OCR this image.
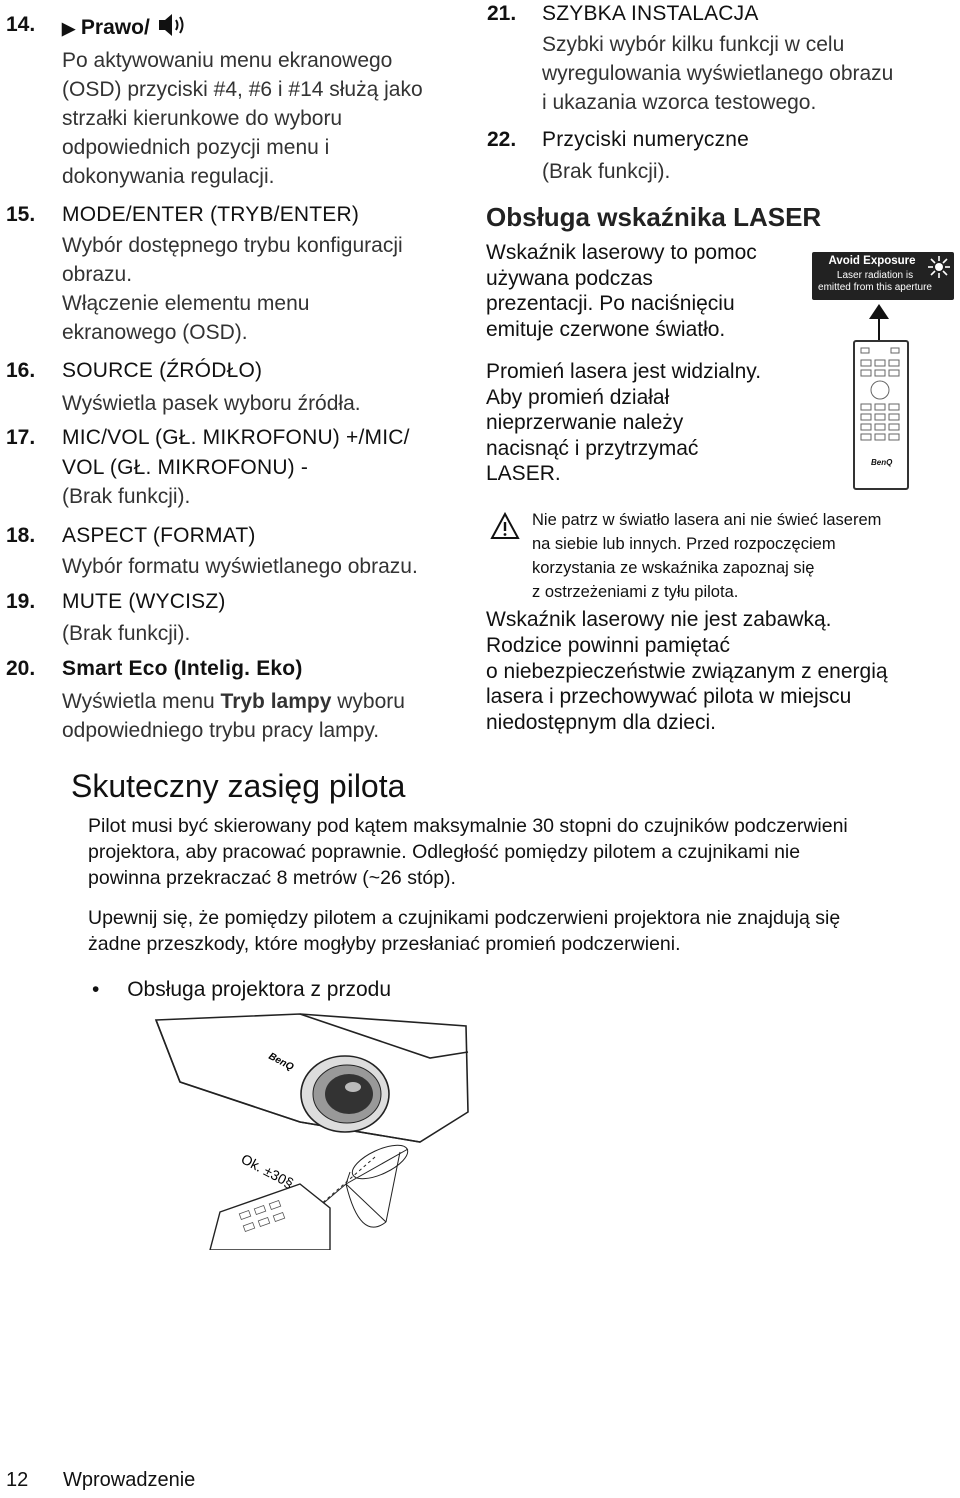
14. ▶ Prawo/
Po aktywowaniu menu ekranowego
(OSD) przyciski #4, #6 i #14 służą jako
strzałki kierunkowe do wyboru
odpowiednich pozycji menu i
dokonywania regulacji.
15. MODE/ENTER (TRYB/ENTER)
Wybór dostępnego trybu konfiguracji
obrazu.
Włączenie elementu menu
ekranowego (OSD).
16. SOURCE (ŹRÓDŁO)
Wyświetla pasek wyboru źródła.
17. MIC/VOL (GŁ. MIKROFONU) +/MIC/
VOL (GŁ. MIKROFONU) -
(Brak funkcji).
18. ASPECT (FORMAT)
Wybór formatu wyświetlanego obrazu.
19. MUTE (WYCISZ)
(Brak funkcji).
20. Smart Eco (Intelig. Eko)
Wyświetla menu Tryb lampy wyboru
odpowiedniego trybu pracy lampy.
21. SZYBKA INSTALACJA
Szybki wybór kilku funkcji w celu
wyregulowania wyświetlanego obrazu
i ukazania wzorca testowego.
22. Przyciski numeryczne
(Brak funkcji).
Obsługa wskaźnika LASER
Wskaźnik laserowy to pomoc
używana podczas
prezentacji. Po naciśnięciu
emituje czerwone światło.
Promień lasera jest widzialny.
Aby promień działał
nieprzerwanie należy
nacisnąć i przytrzymać
LASER.
Avoid Exposure
Laser radiation is
emitted from this aperture
BenQ
Nie patrz w światło lasera ani nie świeć laserem
na siebie lub innych. Przed rozpoczęciem
korzystania ze wskaźnika zapoznaj się
z ostrzeżeniami z tyłu pilota.
Wskaźnik laserowy nie jest zabawką.
Rodzice powinni pamiętać
o niebezpieczeństwie związanym z energią
lasera i przechowywać pilota w miejscu
niedostępnym dla dzieci.
Skuteczny zasięg pilota
Pilot musi być skierowany pod kątem maksymalnie 30 stopni do czujników podczerwieni
projektora, aby pracować poprawnie. Odległość pomiędzy pilotem a czujnikami nie
powinna przekraczać 8 metrów (~26 stóp).
Upewnij się, że pomiędzy pilotem a czujnikami podczerwieni projektora nie znajdują się
żadne przeszkody, które mogłyby przesłaniać promień podczerwieni.
• Obsługa projektora z przodu
BenQ
Ok. ±30§
12 Wprowadzenie
